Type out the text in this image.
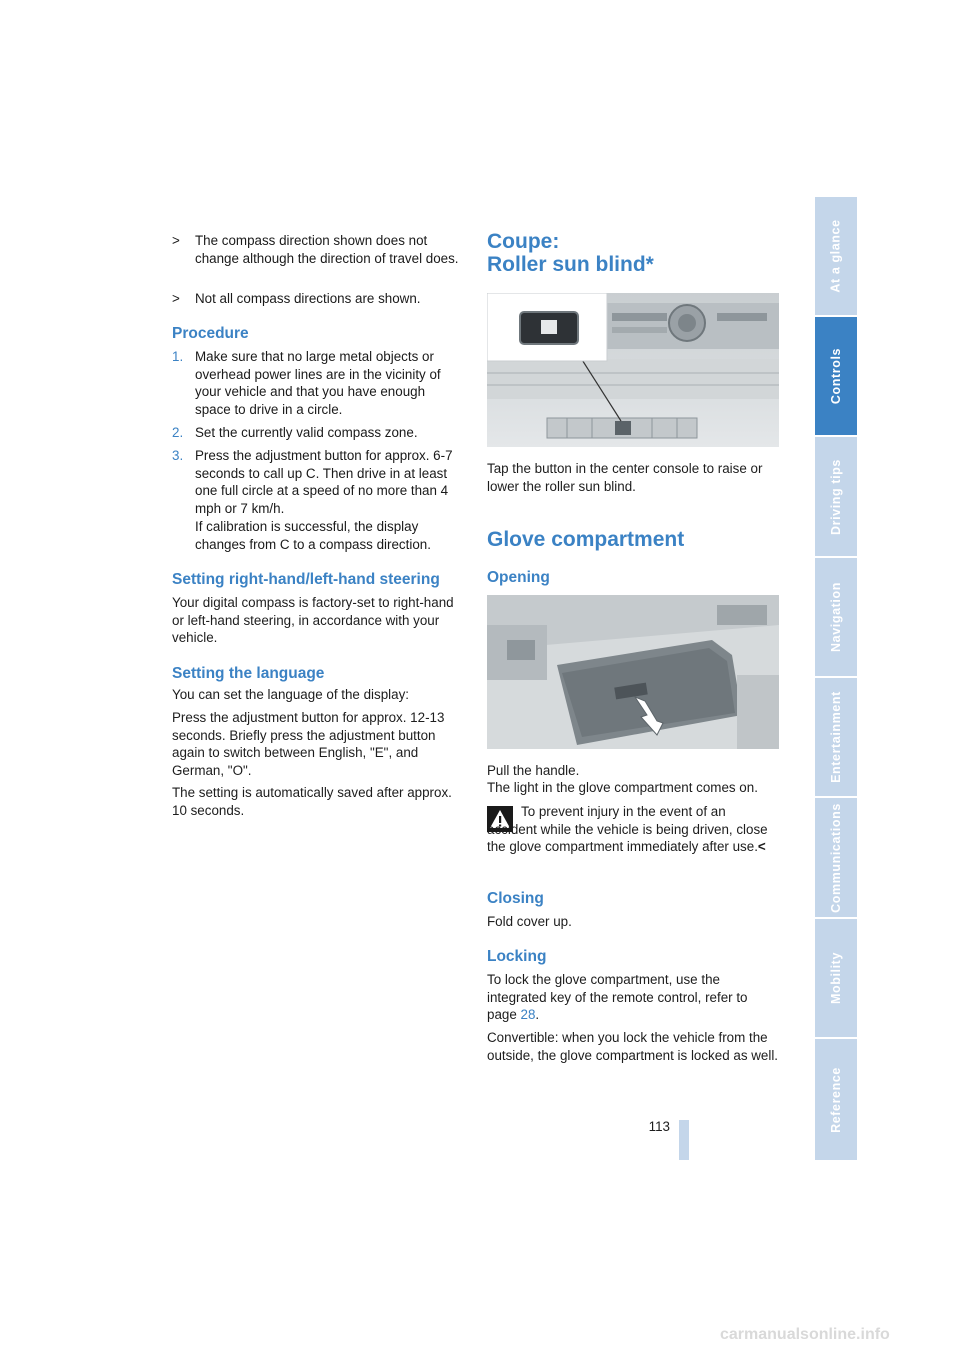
> The compass direction shown does not change although the direction of travel does.
> Not all compass directions are shown.
Procedure
1. Make sure that no large metal objects or overhead power lines are in the vicinity of your vehicle and that you have enough space to drive in a circle.
2. Set the currently valid compass zone.
3. Press the adjustment button for approx. 6-7 seconds to call up C. Then drive in at least one full circle at a speed of no more than 4 mph or 7 km/h.
If calibration is successful, the display changes from C to a compass direction.
Setting right-hand/left-hand steering

Your digital compass is factory-set to right-hand or left-hand steering, in accordance with your vehicle.

Setting the language

You can set the language of the display:

Press the adjustment button for approx. 12-13 seconds. Briefly press the adjustment button again to switch between English, "E", and German, "O".

The setting is automatically saved after approx. 10 seconds.

Coupe:
Roller sun blind*

Tap the button in the center console to raise or lower the roller sun blind.

Glove compartment
Opening

Pull the handle.

The light in the glove compartment comes on.

To prevent injury in the event of an accident while the vehicle is being driven, close the glove compartment immediately after use.<

Closing

Fold cover up.

Locking

To lock the glove compartment, use the integrated key of the remote control, refer to page 28.

Convertible: when you lock the vehicle from the outside, the glove compartment is locked as well.

113
At a glance
Controls
Driving tips
Navigation
Entertainment
Communications
Mobility
Reference
carmanualsonline.info
